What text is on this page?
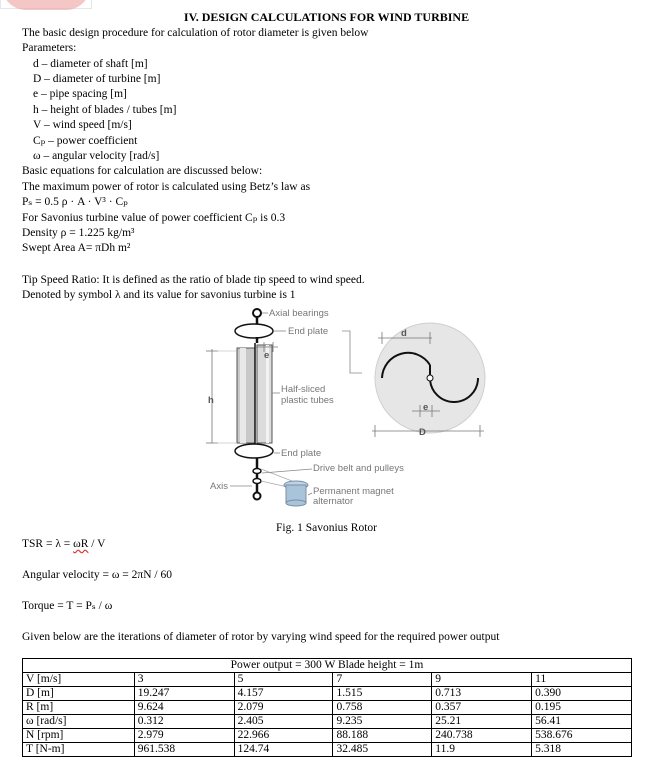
IV. DESIGN CALCULATIONS FOR WIND TURBINE
The basic design procedure for calculation of rotor diameter is given below
Parameters:
d – diameter of shaft [m]
D – diameter of turbine [m]
e – pipe spacing [m]
h – height of blades / tubes [m]
V – wind speed [m/s]
Cₚ – power coefficient
ω – angular velocity [rad/s]
Basic equations for calculation are discussed below:
The maximum power of rotor is calculated using Betz’s law as
Pₛ = 0.5 ρ · A · V³ · Cₚ
For Savonius turbine value of power coefficient Cₚ is 0.3
Density ρ = 1.225 kg/m³
Swept Area A= πDh m²
Tip Speed Ratio: It is defined as the ratio of blade tip speed to wind speed.
Denoted by symbol λ and its value for savonius turbine is 1
Axial bearings
End plate
e
h
Half-sliced
plastic tubes
End plate
Drive belt and pulleys
Axis	Permanent magnet
alternator
d
e
D
Fig. 1 Savonius Rotor
TSR = λ = ωR / V
Angular velocity = ω = 2πN / 60
Torque = T = Pₛ / ω
Given below are the iterations of diameter of rotor by varying wind speed for the required power output
Power output = 300 W Blade height = 1m					
V [m/s]	3	5	7	9	11
D [m]	19.247	4.157	1.515	0.713	0.390
R [m]	9.624	2.079	0.758	0.357	0.195
ω [rad/s]	0.312	2.405	9.235	25.21	56.41
N [rpm]	2.979	22.966	88.188	240.738	538.676
T [N-m]	961.538	124.74	32.485	11.9	5.318
